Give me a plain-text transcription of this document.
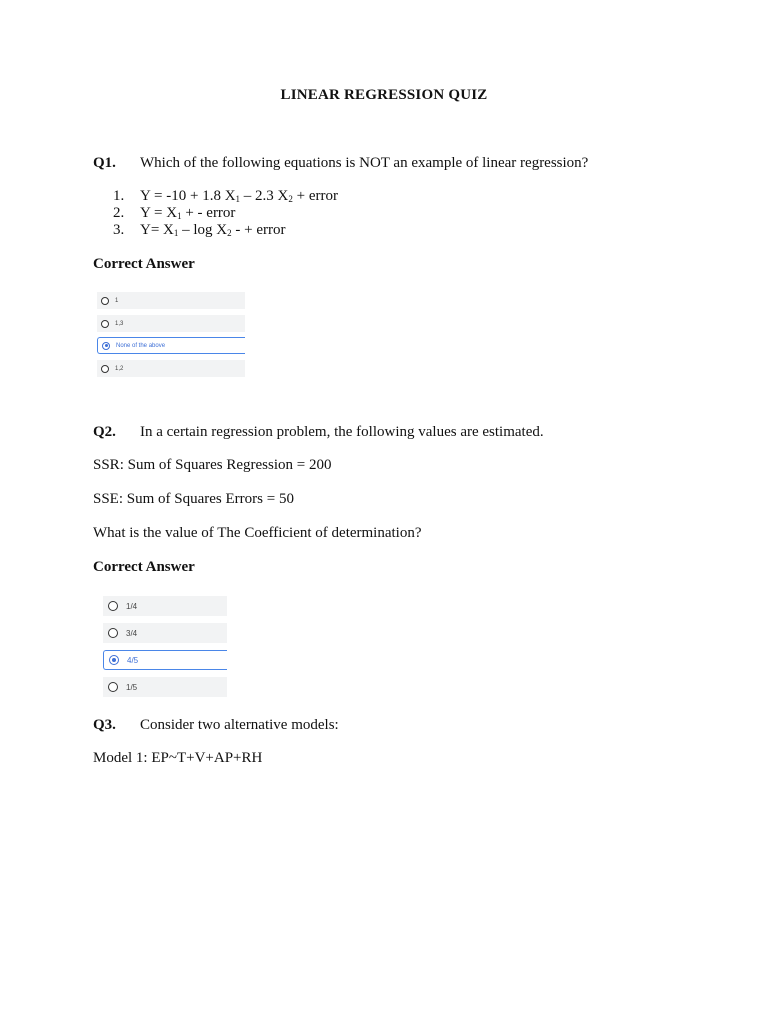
LINEAR REGRESSION QUIZ
Q1. Which of the following equations is NOT an example of linear regression?
1. Y = -10 + 1.8 $X_1 - 2.3$ $X_2$ + error
2. $Y = X_1$ + - error
3. $Y= X_1 - \log X_2$ - + error
Correct Answer
1
1,3
None of the above
1,2
Q2. In a certain regression problem, the following values are estimated.
SSR: Sum of Squares Regression = 200
SSE: Sum of Squares Errors = 50
What is the value of The Coefficient of determination?
Correct Answer
1/4
3/4
4/5
1/5
Q3. Consider two alternative models:
Model 1: EP~T+V+AP+RH
